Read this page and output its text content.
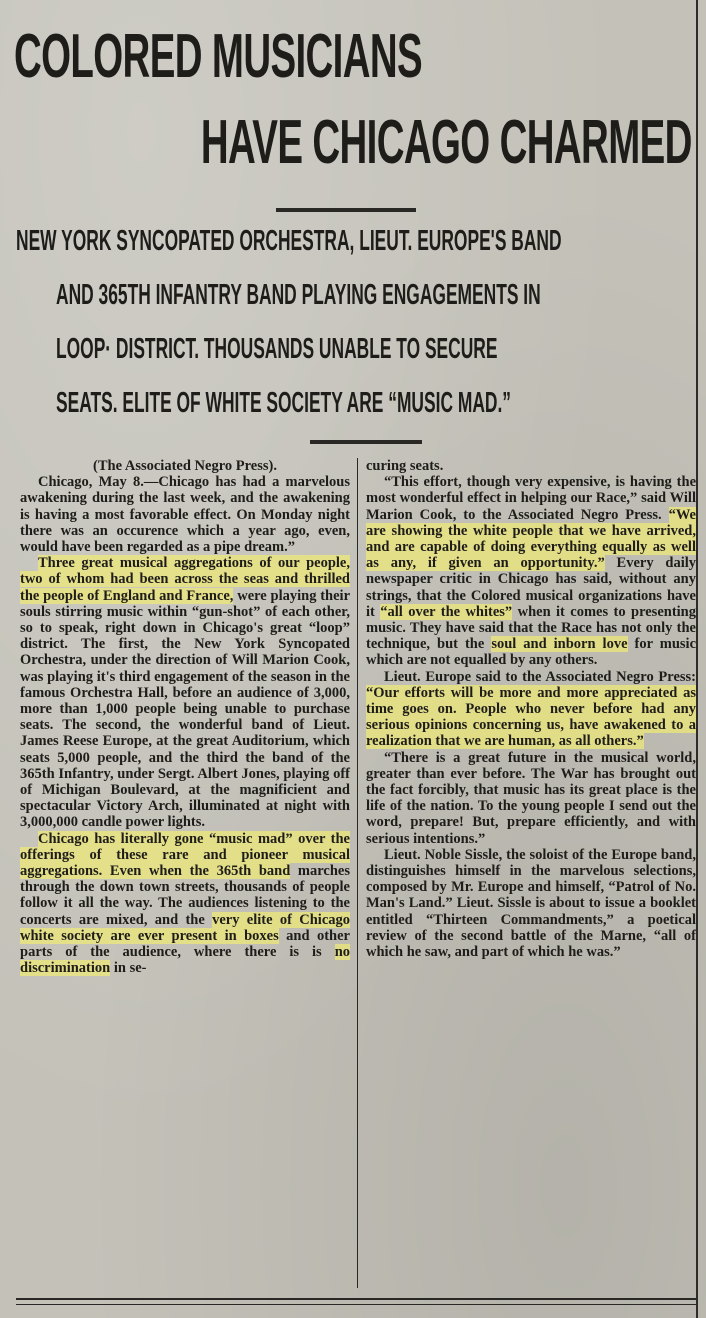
COLORED MUSICIANS
HAVE CHICAGO CHARMED
NEW YORK SYNCOPATED ORCHESTRA, LIEUT. EUROPE'S BAND
AND 365TH INFANTRY BAND PLAYING ENGAGEMENTS IN
LOOP· DISTRICT. THOUSANDS UNABLE TO SECURE
SEATS. ELITE OF WHITE SOCIETY ARE “MUSIC MAD.”

(The Associated Negro Press).

Chicago, May 8.—Chicago has had a marvelous awakening during the last week, and the awakening is having a most favorable effect. On Monday night there was an occurence which a year ago, even, would have been regarded as a pipe dream.”

Three great musical aggregations of our people, two of whom had been across the seas and thrilled the people of England and France, were playing their souls stirring music within “gun-shot” of each other, so to speak, right down in Chicago's great “loop” district. The first, the New York Syncopated Orchestra, under the direction of Will Marion Cook, was playing it's third engagement of the season in the famous Orchestra Hall, before an audience of 3,000, more than 1,000 people being unable to purchase seats. The second, the wonderful band of Lieut. James Reese Europe, at the great Auditorium, which seats 5,000 people, and the third the band of the 365th Infantry, under Sergt. Albert Jones, playing off of Michigan Boulevard, at the magnificient and spectacular Victory Arch, illuminated at night with 3,000,000 candle power lights.

Chicago has literally gone “music mad” over the offerings of these rare and pioneer musical aggregations. Even when the 365th band marches through the down town streets, thousands of people follow it all the way. The audiences listening to the concerts are mixed, and the very elite of Chicago white society are ever present in boxes and other parts of the audience, where there is is no discrimination in se-

curing seats.

“This effort, though very expensive, is having the most wonderful effect in helping our Race,” said Will Marion Cook, to the Associated Negro Press. “We are showing the white people that we have arrived, and are capable of doing everything equally as well as any, if given an opportunity.” Every daily newspaper critic in Chicago has said, without any strings, that the Colored musical organizations have it “all over the whites” when it comes to presenting music. They have said that the Race has not only the technique, but the soul and inborn love for music which are not equalled by any others.

Lieut. Europe said to the Associated Negro Press: “Our efforts will be more and more appreciated as time goes on. People who never before had any serious opinions concerning us, have awakened to a realization that we are human, as all others.”

“There is a great future in the musical world, greater than ever before. The War has brought out the fact forcibly, that music has its great place is the life of the nation. To the young people I send out the word, prepare! But, prepare efficiently, and with serious intentions.”

Lieut. Noble Sissle, the soloist of the Europe band, distinguishes himself in the marvelous selections, composed by Mr. Europe and himself, “Patrol of No. Man's Land.” Lieut. Sissle is about to issue a booklet entitled “Thirteen Commandments,” a poetical review of the second battle of the Marne, “all of which he saw, and part of which he was.”
